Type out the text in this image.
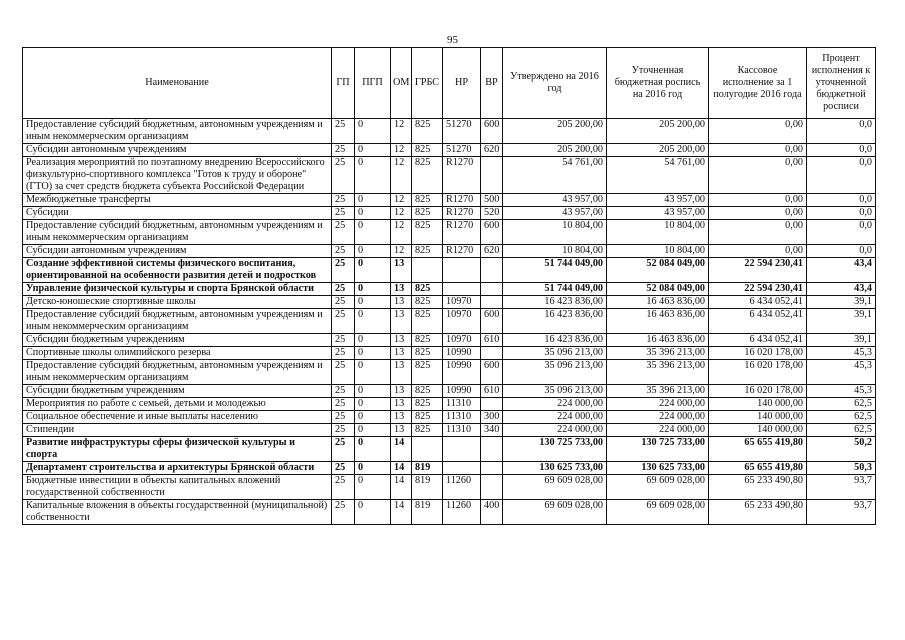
95
Наименование	ГП	ПГП	ОМ	ГРБС	НР	ВР	Утверждено на 2016 год	Уточненная бюджетная роспись на 2016 год	Кассовое исполнение за 1 полугодие 2016 года	Процент исполнения к уточненной бюджетной росписи
Предоставление субсидий бюджетным, автономным учреждениям и иным некоммерческим организациям	25	0	12	825	51270	600	205 200,00	205 200,00	0,00	0,0
Субсидии автономным учреждениям	25	0	12	825	51270	620	205 200,00	205 200,00	0,00	0,0
Реализация мероприятий по поэтапному внедрению Всероссийского физкультурно-спортивного комплекса "Готов к труду и обороне" (ГТО) за счет средств бюджета субъекта Российской Федерации	25	0	12	825	R1270		54 761,00	54 761,00	0,00	0,0
Межбюджетные трансферты	25	0	12	825	R1270	500	43 957,00	43 957,00	0,00	0,0
Субсидии	25	0	12	825	R1270	520	43 957,00	43 957,00	0,00	0,0
Предоставление субсидий бюджетным, автономным учреждениям и иным некоммерческим организациям	25	0	12	825	R1270	600	10 804,00	10 804,00	0,00	0,0
Субсидии автономным учреждениям	25	0	12	825	R1270	620	10 804,00	10 804,00	0,00	0,0
Создание эффективной системы физического воспитания, ориентированной на особенности развития детей и подростков	25	0	13				51 744 049,00	52 084 049,00	22 594 230,41	43,4
Управление физической культуры и спорта Брянской области	25	0	13	825			51 744 049,00	52 084 049,00	22 594 230,41	43,4
Детско-юношеские спортивные школы	25	0	13	825	10970		16 423 836,00	16 463 836,00	6 434 052,41	39,1
Предоставление субсидий бюджетным, автономным учреждениям и иным некоммерческим организациям	25	0	13	825	10970	600	16 423 836,00	16 463 836,00	6 434 052,41	39,1
Субсидии бюджетным учреждениям	25	0	13	825	10970	610	16 423 836,00	16 463 836,00	6 434 052,41	39,1
Спортивные школы олимпийского резерва	25	0	13	825	10990		35 096 213,00	35 396 213,00	16 020 178,00	45,3
Предоставление субсидий бюджетным, автономным учреждениям и иным некоммерческим организациям	25	0	13	825	10990	600	35 096 213,00	35 396 213,00	16 020 178,00	45,3
Субсидии бюджетным учреждениям	25	0	13	825	10990	610	35 096 213,00	35 396 213,00	16 020 178,00	45,3
Мероприятия по работе с семьей, детьми и молодежью	25	0	13	825	11310		224 000,00	224 000,00	140 000,00	62,5
Социальное обеспечение и иные выплаты населению	25	0	13	825	11310	300	224 000,00	224 000,00	140 000,00	62,5
Стипендии	25	0	13	825	11310	340	224 000,00	224 000,00	140 000,00	62,5
Развитие инфраструктуры сферы физической культуры и спорта	25	0	14				130 725 733,00	130 725 733,00	65 655 419,80	50,2
Департамент строительства и архитектуры Брянской области	25	0	14	819			130 625 733,00	130 625 733,00	65 655 419,80	50,3
Бюджетные инвестиции в объекты капитальных вложений государственной собственности	25	0	14	819	11260		69 609 028,00	69 609 028,00	65 233 490,80	93,7
Капитальные вложения в объекты государственной (муниципальной) собственности	25	0	14	819	11260	400	69 609 028,00	69 609 028,00	65 233 490,80	93,7
